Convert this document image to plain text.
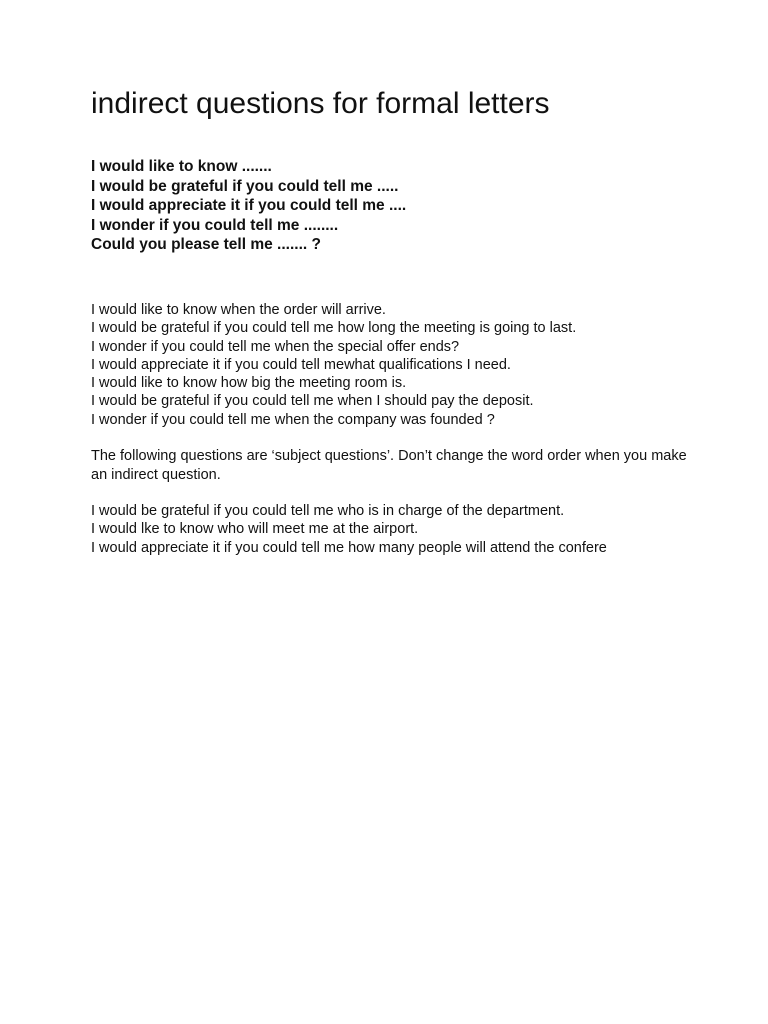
indirect questions for formal letters
I would like to know .......
I would be grateful if you could tell me .....
I would appreciate it if you could tell me ....
I wonder if you could tell me ........
Could you please tell me ....... ?
I would like to know when the order will arrive.
I would be grateful if you could tell me how long the meeting is going to last.
I wonder if you could tell me when the special offer ends?
I would appreciate it if you could tell mewhat qualifications I need.
I would like to know how big the meeting room is.
I would be grateful if you could tell me when I should pay the deposit.
I wonder if you could tell me when the company was founded ?

The following questions are ‘subject questions’. Don’t change the word order when you make an indirect question.

I would be grateful if you could tell me who is in charge of the department.
I would lke to know who will meet me at the airport.
I would appreciate it if you could tell me how many people will attend the confere
